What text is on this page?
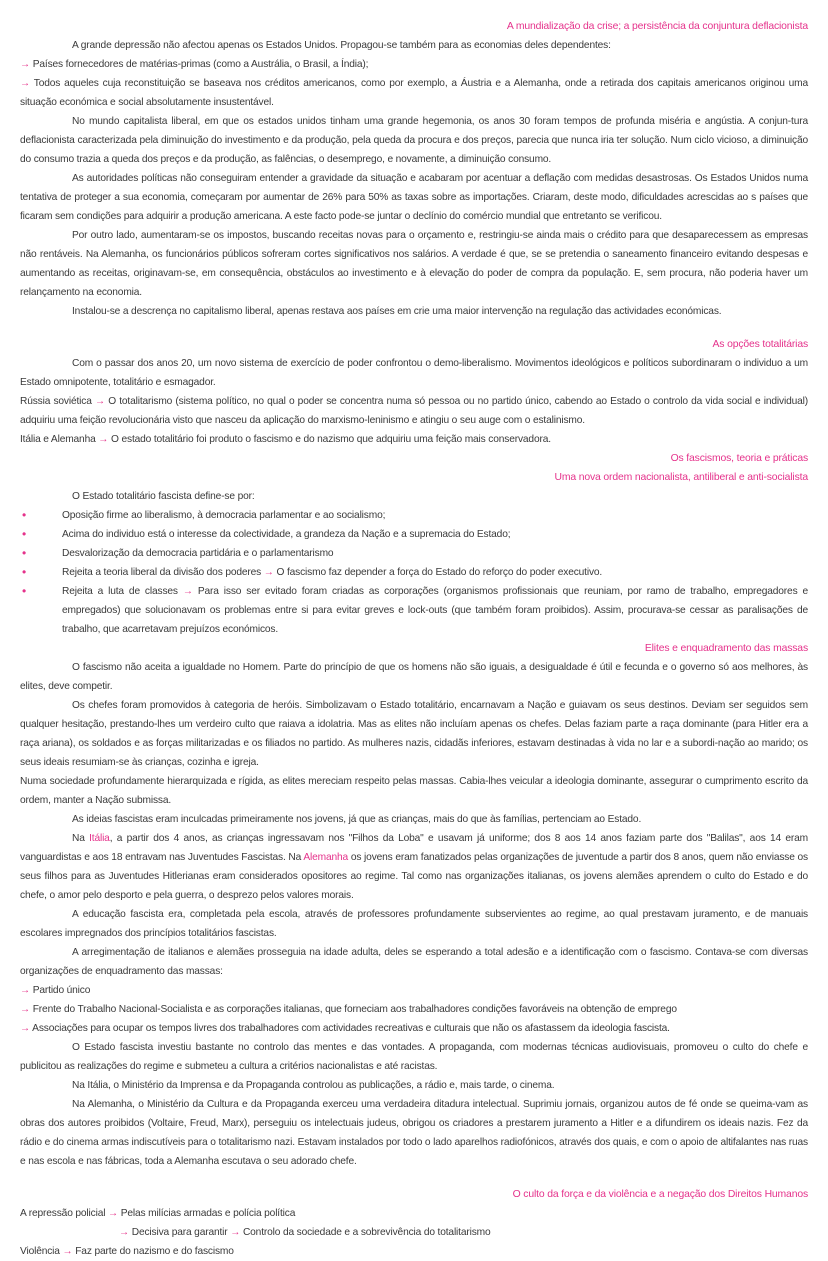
A mundialização da crise; a persistência da conjuntura deflacionista

A grande depressão não afectou apenas os Estados Unidos. Propagou-se também para as economias deles dependentes:

→ Países fornecedores de matérias-primas (como a Austrália, o Brasil, a Índia);

→ Todos aqueles cuja reconstituição se baseava nos créditos americanos, como por exemplo, a Áustria e a Alemanha, onde a retirada dos capitais americanos originou uma situação económica e social absolutamente insustentável.

No mundo capitalista liberal, em que os estados unidos tinham uma grande hegemonia, os anos 30 foram tempos de profunda miséria e angústia. A conjun-tura deflacionista caracterizada pela diminuição do investimento e da produção, pela queda da procura e dos preços, parecia que nunca iria ter solução. Num ciclo vicioso, a diminuição do consumo trazia a queda dos preços e da produção, as falências, o desemprego, e novamente, a diminuição consumo.

As autoridades políticas não conseguiram entender a gravidade da situação e acabaram por acentuar a deflação com medidas desastrosas. Os Estados Unidos numa tentativa de proteger a sua economia, começaram por aumentar de 26% para 50% as taxas sobre as importações. Criaram, deste modo, dificuldades acrescidas ao s países que ficaram sem condições para adquirir a produção americana. A este facto pode-se juntar o declínio do comércio mundial que entretanto se verificou.

Por outro lado, aumentaram-se os impostos, buscando receitas novas para o orçamento e, restringiu-se ainda mais o crédito para que desaparecessem as empresas não rentáveis. Na Alemanha, os funcionários públicos sofreram cortes significativos nos salários. A verdade é que, se se pretendia o saneamento financeiro evitando despesas e aumentando as receitas, originavam-se, em consequência, obstáculos ao investimento e à elevação do poder de compra da população. E, sem procura, não poderia haver um relançamento na economia.

Instalou-se a descrença no capitalismo liberal, apenas restava aos países em crie uma maior intervenção na regulação das actividades económicas.

As opções totalitárias

Com o passar dos anos 20, um novo sistema de exercício de poder confrontou o demo-liberalismo. Movimentos ideológicos e políticos subordinaram o individuo a um Estado omnipotente, totalitário e esmagador.

Rússia soviética → O totalitarismo (sistema político, no qual o poder se concentra numa só pessoa ou no partido único, cabendo ao Estado o controlo da vida social e individual) adquiriu uma feição revolucionária visto que nasceu da aplicação do marxismo-leninismo e atingiu o seu auge com o estalinismo.

Itália e Alemanha → O estado totalitário foi produto o fascismo e do nazismo que adquiriu uma feição mais conservadora.

Os fascismos, teoria e práticas

Uma nova ordem nacionalista, antiliberal e anti-socialista

O Estado totalitário fascista define-se por:

•	Oposição firme ao liberalismo, à democracia parlamentar e ao socialismo;
•	Acima do individuo está o interesse da colectividade, a grandeza da Nação e a supremacia do Estado;
•	Desvalorização da democracia partidária e o parlamentarismo
•	Rejeita a teoria liberal da divisão dos poderes → O fascismo faz depender a força do Estado do reforço do poder executivo.
•	Rejeita a luta de classes → Para isso ser evitado foram criadas as corporações (organismos profissionais que reuniam, por ramo de trabalho, empregadores e empregados) que solucionavam os problemas entre si para evitar greves e lock-outs (que também foram proibidos). Assim, procurava-se cessar as paralisações de trabalho, que acarretavam prejuízos económicos.

Elites e enquadramento das massas

O fascismo não aceita a igualdade no Homem. Parte do princípio de que os homens não são iguais, a desigualdade é útil e fecunda e o governo só aos melhores, às elites, deve competir.

Os chefes foram promovidos à categoria de heróis. Simbolizavam o Estado totalitário, encarnavam a Nação e guiavam os seus destinos. Deviam ser seguidos sem qualquer hesitação, prestando-lhes um verdeiro culto que raiava a idolatria. Mas as elites não incluíam apenas os chefes. Delas faziam parte a raça dominante (para Hitler era a raça ariana), os soldados e as forças militarizadas e os filiados no partido. As mulheres nazis, cidadãs inferiores, estavam destinadas à vida no lar e a subordi-nação ao marido; os seus ideais resumiam-se às crianças, cozinha e igreja.

Numa sociedade profundamente hierarquizada e rígida, as elites mereciam respeito pelas massas. Cabia-lhes veicular a ideologia dominante, assegurar o cumprimento escrito da ordem, manter a Nação submissa.

As ideias fascistas eram inculcadas primeiramente nos jovens, já que as crianças, mais do que às famílias, pertenciam ao Estado.

Na Itália, a partir dos 4 anos, as crianças ingressavam nos "Filhos da Loba" e usavam já uniforme; dos 8 aos 14 anos faziam parte dos "Balilas", aos 14 eram vanguardistas e aos 18 entravam nas Juventudes Fascistas. Na Alemanha os jovens eram fanatizados pelas organizações de juventude a partir dos 8 anos, quem não enviasse os seus filhos para as Juventudes Hitlerianas eram considerados opositores ao regime. Tal como nas organizações italianas, os jovens alemães aprendem o culto do Estado e do chefe, o amor pelo desporto e pela guerra, o desprezo pelos valores morais.

A educação fascista era, completada pela escola, através de professores profundamente subservientes ao regime, ao qual prestavam juramento, e de manuais escolares impregnados dos princípios totalitários fascistas.

A arregimentação de italianos e alemães prosseguia na idade adulta, deles se esperando a total adesão e a identificação com o fascismo. Contava-se com diversas organizações de enquadramento das massas:

→ Partido único

→ Frente do Trabalho Nacional-Socialista e as corporações italianas, que forneciam aos trabalhadores condições favoráveis na obtenção de emprego

→ Associações para ocupar os tempos livres dos trabalhadores com actividades recreativas e culturais que não os afastassem da ideologia fascista.

O Estado fascista investiu bastante no controlo das mentes e das vontades. A propaganda, com modernas técnicas audiovisuais, promoveu o culto do chefe e publicitou as realizações do regime e submeteu a cultura a critérios nacionalistas e até racistas.

Na Itália, o Ministério da Imprensa e da Propaganda controlou as publicações, a rádio e, mais tarde, o cinema.

Na Alemanha, o Ministério da Cultura e da Propaganda exerceu uma verdadeira ditadura intelectual. Suprimiu jornais, organizou autos de fé onde se queima-vam as obras dos autores proibidos (Voltaire, Freud, Marx), perseguiu os intelectuais judeus, obrigou os criadores a prestarem juramento a Hitler e a difundirem os ideais nazis. Fez da rádio e do cinema armas indiscutíveis para o totalitarismo nazi. Estavam instalados por todo o lado aparelhos radiofónicos, através dos quais, e com o apoio de altifalantes nas ruas e nas escola e nas fábricas, toda a Alemanha escutava o seu adorado chefe.

O culto da força e da violência e a negação dos Direitos Humanos

A repressão policial → Pelas milícias armadas e polícia política

→ Decisiva para garantir → Controlo da sociedade e a sobrevivência do totalitarismo

Violência → Faz parte do nazismo e do fascismo
